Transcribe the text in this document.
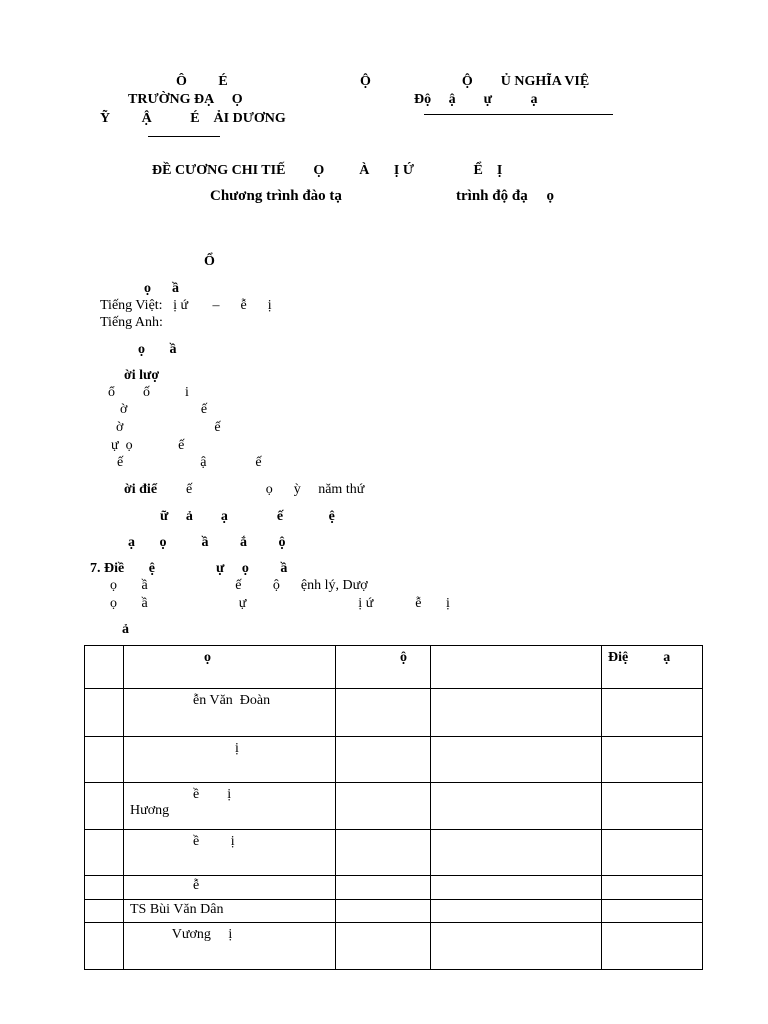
Ô         É
TRƯỜNG ĐẠ     Ọ
Ỹ         Ậ           É    ẢI DƯƠNG
Ộ                          Ộ        Ủ NGHĨA VIỆ
Độ     ậ        ự           ạ
ĐỀ CƯƠNG CHI TIẾ        Ọ          À       Ị Ứ                 Ể    Ị
Chương trình đào tạ	trình độ đạ     ọ
Ổ
ọ      ầ
Tiếng Việt:   ị ứ       –      ễ      ị
Tiếng Anh:
ọ       ầ
ời lượ
ổ        ố          i
ờ                     ế
ờ                          ế
ự  ọ             ế
ế                      ậ              ế
ời điể ế                     ọ      ỳ     năm thứ
ữ     ả        ạ              ế             ệ
ạ       ọ          ầ         ắ         ộ
7. Điề       ệ	ự     ọ         ầ
ọ       ầ                         ế         ộ      ệnh lý, Dượ
ọ       ầ                          ự                                ị ứ            ễ       ị
ả

	ọ	ộ		Điệ          ạ

	ễn Văn  Đoàn			

	ị			

	ề        ị
Hương			

	ề         ị			

	ễ			

	TS Bùi Văn Dân			

	Vương     ị			
